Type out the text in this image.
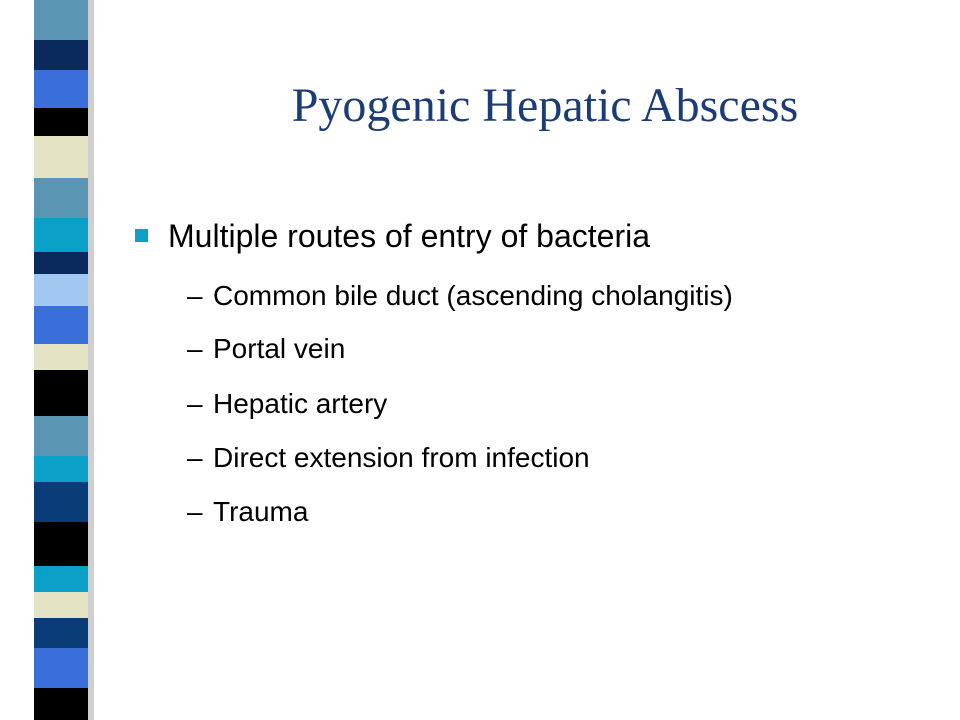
Pyogenic Hepatic Abscess
Multiple routes of entry of bacteria
– Common bile duct (ascending cholangitis)
– Portal vein
– Hepatic artery
– Direct extension from infection
– Trauma
